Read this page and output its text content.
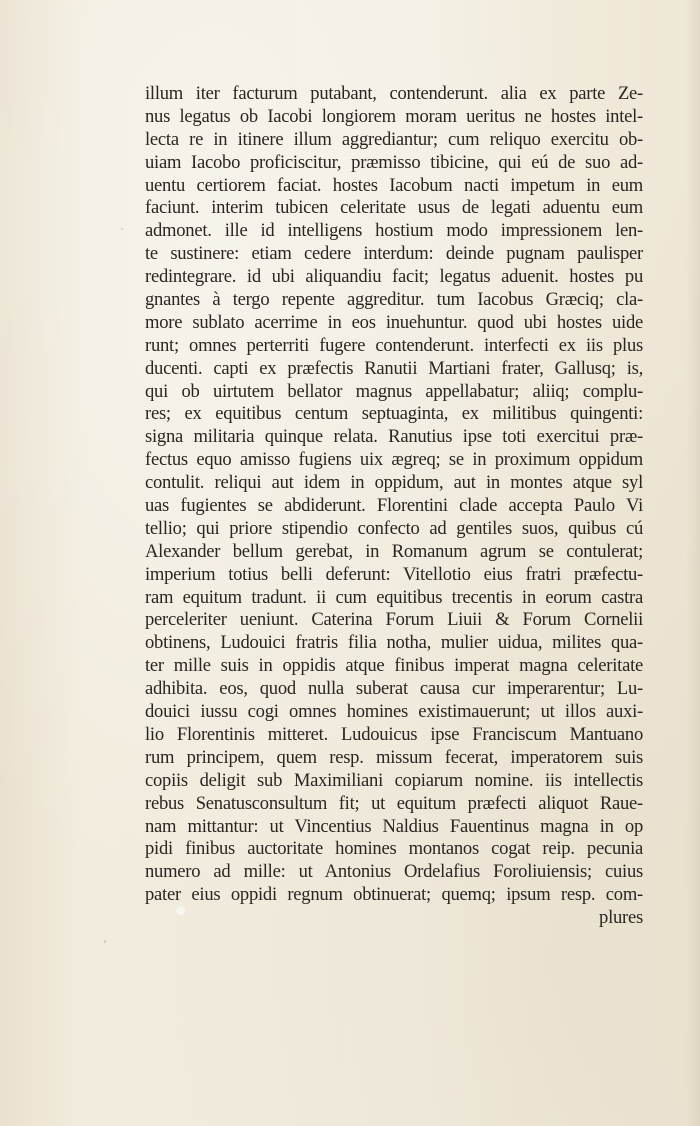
illum iter facturum putabant, contenderunt. alia ex parte Ze-
nus legatus ob Iacobi longiorem moram ueritus ne hostes intel-
lecta re in itinere illum aggrediantur; cum reliquo exercitu ob-
uiam Iacobo proficiscitur, præmisso tibicine, qui eú de suo ad-
uentu certiorem faciat. hostes Iacobum nacti impetum in eum
faciunt. interim tubicen celeritate usus de legati aduentu eum
admonet. ille id intelligens hostium modo impressionem len-
te sustinere: etiam cedere interdum: deinde pugnam paulisper
redintegrare. id ubi aliquandiu facit; legatus aduenit. hostes pu
gnantes à tergo repente aggreditur. tum Iacobus Græciq; cla-
more sublato acerrime in eos inuehuntur. quod ubi hostes uide
runt; omnes perterriti fugere contenderunt. interfecti ex iis plus
ducenti. capti ex præfectis Ranutii Martiani frater, Gallusq; is,
qui ob uirtutem bellator magnus appellabatur; aliiq; complu-
res; ex equitibus centum septuaginta, ex militibus quingenti:
signa militaria quinque relata. Ranutius ipse toti exercitui præ-
fectus equo amisso fugiens uix ægreq; se in proximum oppidum
contulit. reliqui aut idem in oppidum, aut in montes atque syl
uas fugientes se abdiderunt. Florentini clade accepta Paulo Vi
tellio; qui priore stipendio confecto ad gentiles suos, quibus cú
Alexander bellum gerebat, in Romanum agrum se contulerat;
imperium totius belli deferunt: Vitellotio eius fratri præfectu-
ram equitum tradunt. ii cum equitibus trecentis in eorum castra
perceleriter ueniunt. Caterina Forum Liuii & Forum Cornelii
obtinens, Ludouici fratris filia notha, mulier uidua, milites qua-
ter mille suis in oppidis atque finibus imperat magna celeritate
adhibita. eos, quod nulla suberat causa cur imperarentur; Lu-
douici iussu cogi omnes homines existimauerunt; ut illos auxi-
lio Florentinis mitteret. Ludouicus ipse Franciscum Mantuano
rum principem, quem resp. missum fecerat, imperatorem suis
copiis deligit sub Maximiliani copiarum nomine. iis intellectis
rebus Senatusconsultum fit; ut equitum præfecti aliquot Raue-
nam mittantur: ut Vincentius Naldius Fauentinus magna in op
pidi finibus auctoritate homines montanos cogat reip. pecunia
numero ad mille: ut Antonius Ordelafius Foroliuiensis; cuius
pater eius oppidi regnum obtinuerat; quemq; ipsum resp. com-
plures
